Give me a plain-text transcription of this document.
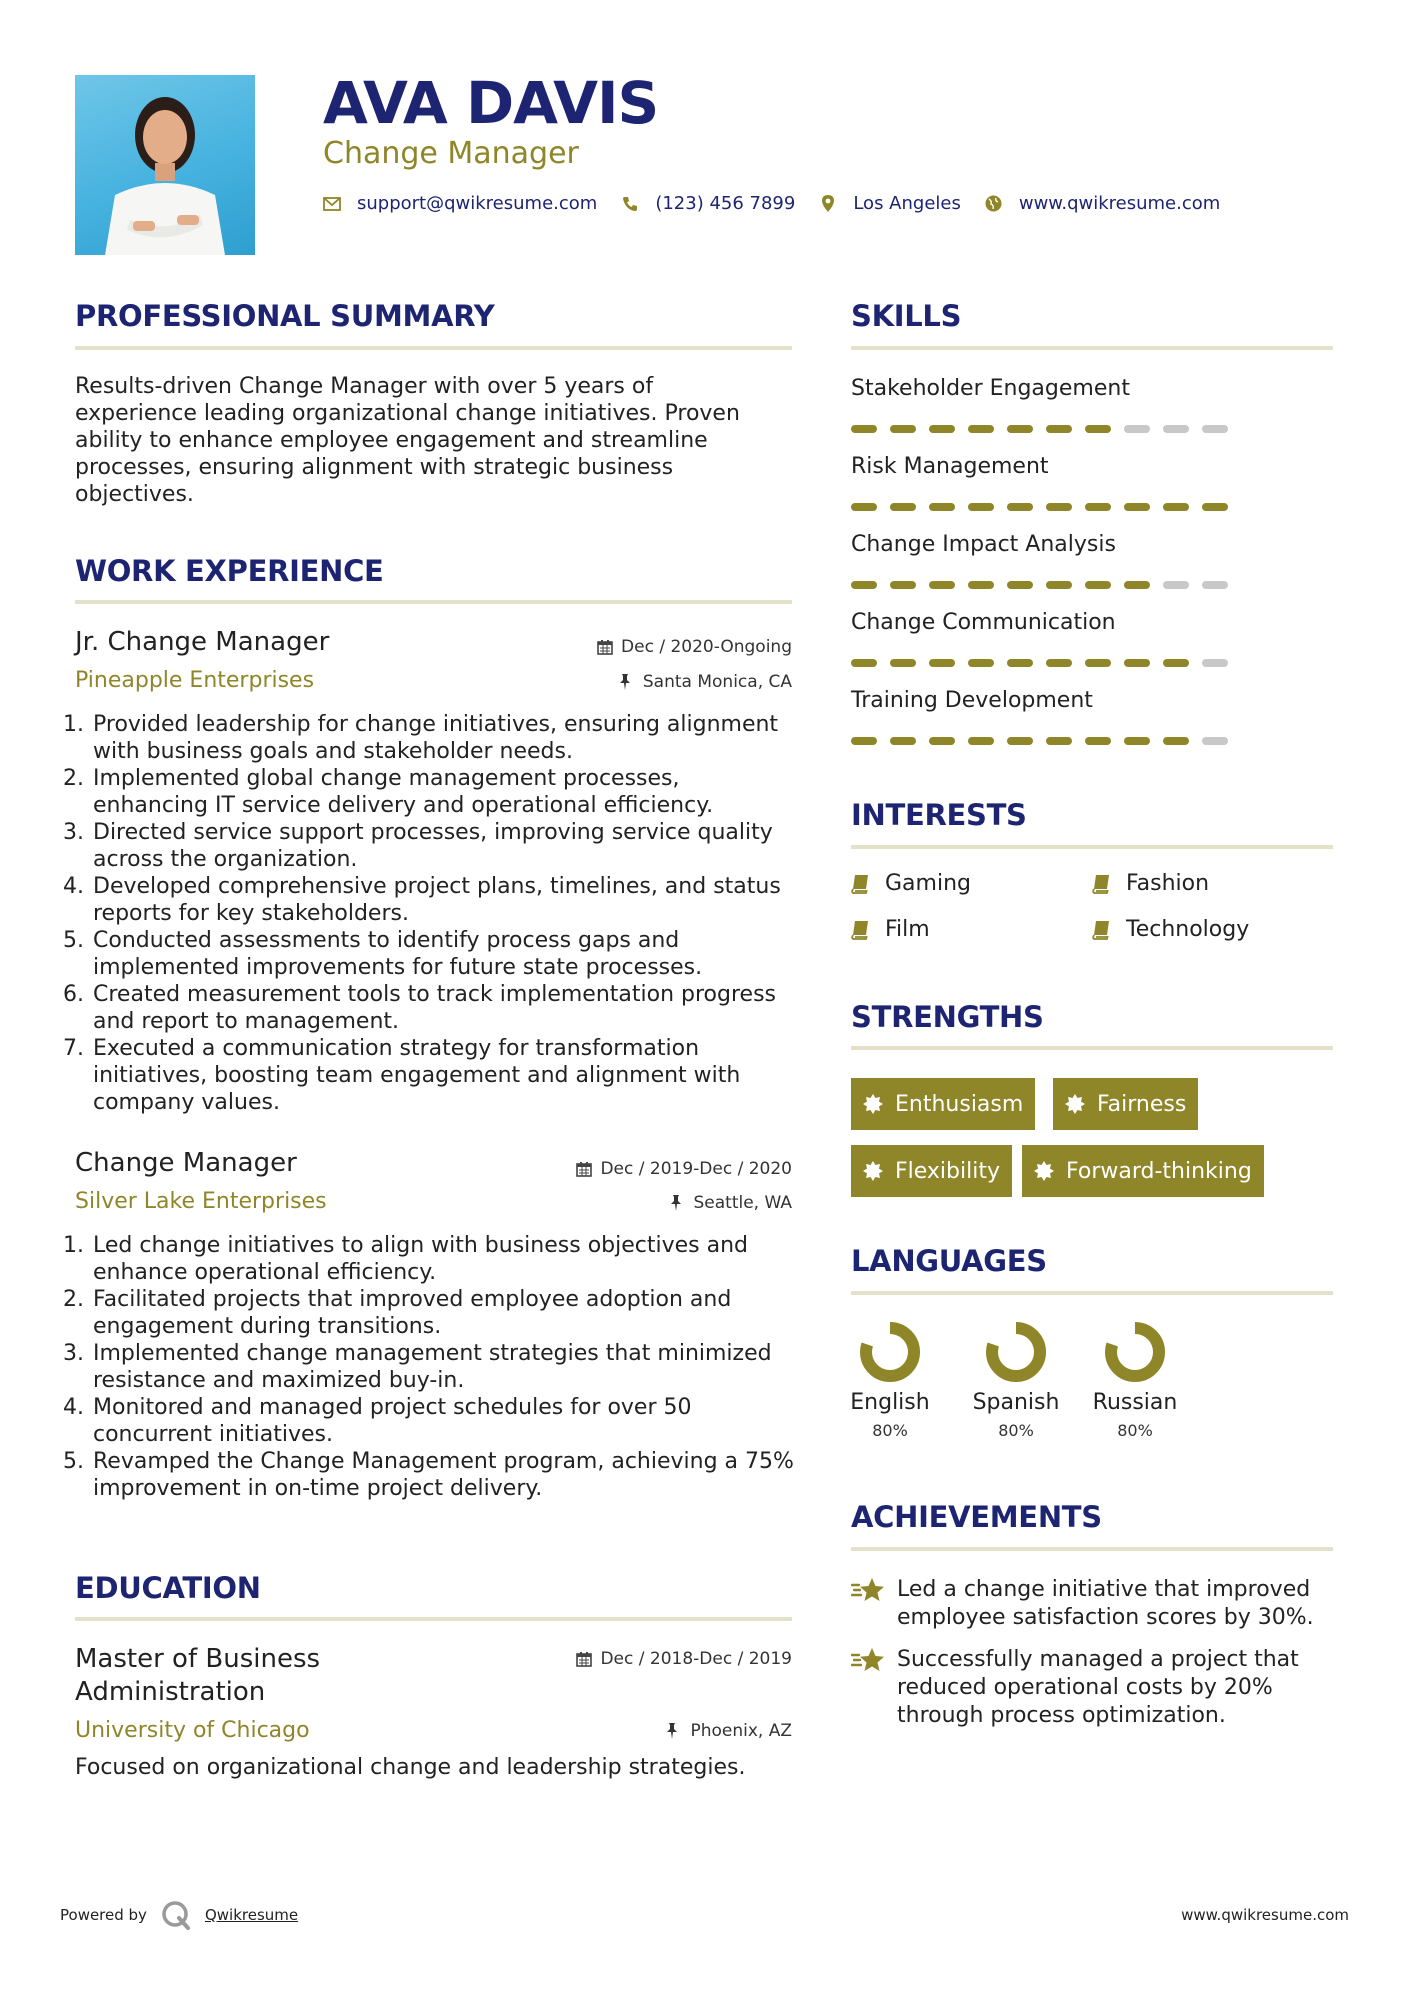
AVA DAVIS
Change Manager
support@qwikresume.com	(123) 456 7899	Los Angeles	www.qwikresume.com
PROFESSIONAL SUMMARY
Results-driven Change Manager with over 5 years of experience leading organizational change initiatives. Proven ability to enhance employee engagement and streamline processes, ensuring alignment with strategic business objectives.
WORK EXPERIENCE
Jr. Change Manager	Dec / 2020-Ongoing
Pineapple Enterprises	Santa Monica, CA
1. Provided leadership for change initiatives, ensuring alignment with business goals and stakeholder needs.
2. Implemented global change management processes, enhancing IT service delivery and operational efficiency.
3. Directed service support processes, improving service quality across the organization.
4. Developed comprehensive project plans, timelines, and status reports for key stakeholders.
5. Conducted assessments to identify process gaps and implemented improvements for future state processes.
6. Created measurement tools to track implementation progress and report to management.
7. Executed a communication strategy for transformation initiatives, boosting team engagement and alignment with company values.
Change Manager	Dec / 2019-Dec / 2020
Silver Lake Enterprises	Seattle, WA
1. Led change initiatives to align with business objectives and enhance operational efficiency.
2. Facilitated projects that improved employee adoption and engagement during transitions.
3. Implemented change management strategies that minimized resistance and maximized buy-in.
4. Monitored and managed project schedules for over 50 concurrent initiatives.
5. Revamped the Change Management program, achieving a 75% improvement in on-time project delivery.
EDUCATION
Master of Business
Administration
Dec / 2018-Dec / 2019
University of Chicago	Phoenix, AZ
Focused on organizational change and leadership strategies.
SKILLS
Stakeholder Engagement
Risk Management
Change Impact Analysis
Change Communication
Training Development
INTERESTS
Gaming	Fashion
Film	Technology
STRENGTHS
Enthusiasm	Fairness
Flexibility	Forward-thinking
LANGUAGES
English
80%
Spanish
80%
Russian
80%
ACHIEVEMENTS
Led a change initiative that improved employee satisfaction scores by 30%.
Successfully managed a project that reduced operational costs by 20% through process optimization.
Powered by	Qwikresume	www.qwikresume.com
